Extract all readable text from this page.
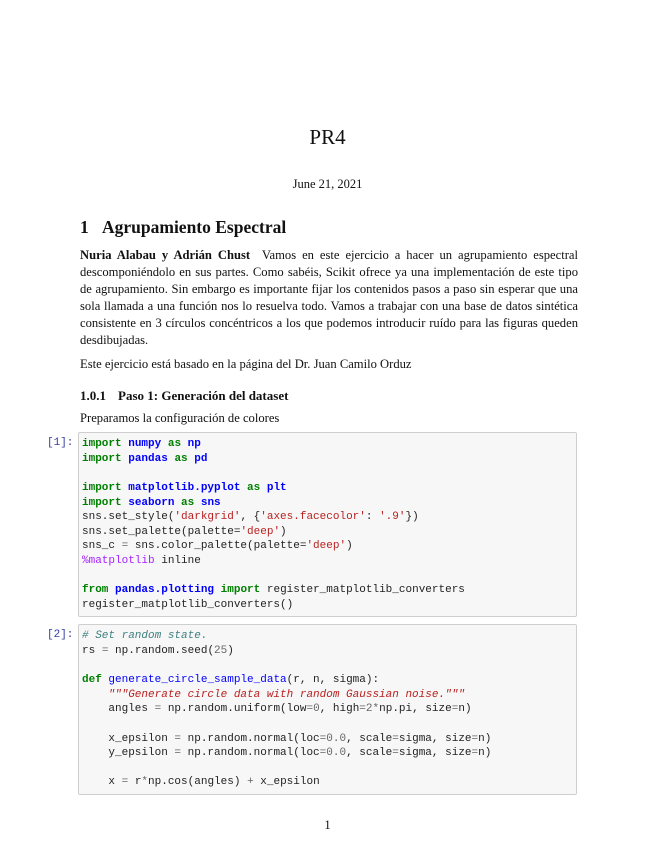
PR4
June 21, 2021
1 Agrupamiento Espectral
Nuria Alabau y Adrián Chust Vamos en este ejercicio a hacer un agrupamiento espectral descomponiéndolo en sus partes. Como sabéis, Scikit ofrece ya una implementación de este tipo de agrupamiento. Sin embargo es importante fijar los contenidos pasos a paso sin esperar que una sola llamada a una función nos lo resuelva todo. Vamos a trabajar con una base de datos sintética consistente en 3 círculos concéntricos a los que podemos introducir ruído para las figuras queden desdibujadas.
Este ejercicio está basado en la página del Dr. Juan Camilo Orduz
1.0.1 Paso 1: Generación del dataset
Preparamos la configuración de colores
[1]: import numpy as np
import pandas as pd
import matplotlib.pyplot as plt
import seaborn as sns
sns.set_style('darkgrid', {'axes.facecolor': '.9'})
sns.set_palette(palette='deep')
sns_c = sns.color_palette(palette='deep')
%matplotlib inline
from pandas.plotting import register_matplotlib_converters
register_matplotlib_converters()
[2]: # Set random state.
rs = np.random.seed(25)
def generate_circle_sample_data(r, n, sigma):
"""Generate circle data with random Gaussian noise."""
angles = np.random.uniform(low=0, high=2*np.pi, size=n)
x_epsilon = np.random.normal(loc=0.0, scale=sigma, size=n)
y_epsilon = np.random.normal(loc=0.0, scale=sigma, size=n)
x = r*np.cos(angles) + x_epsilon
1
